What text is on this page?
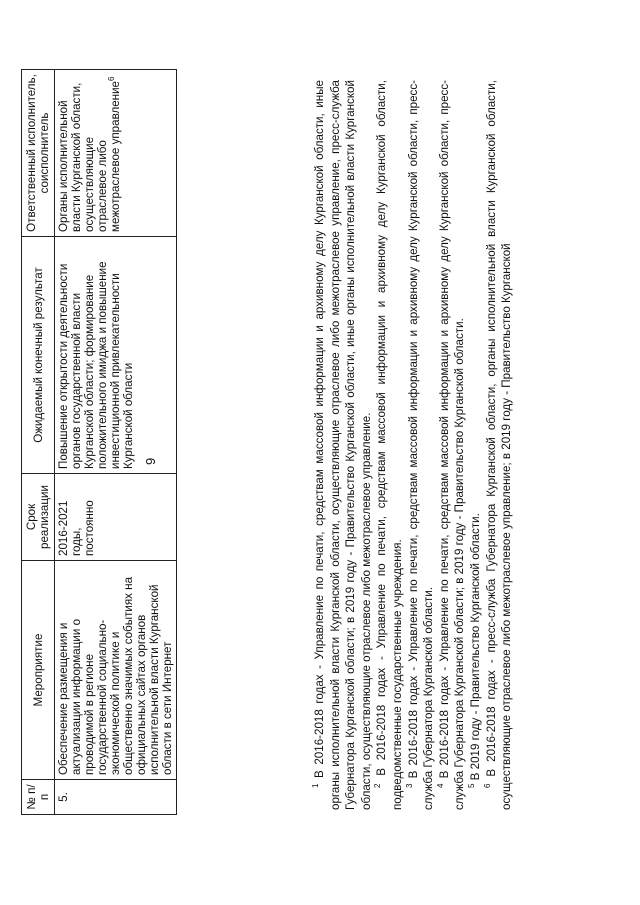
9
№ п/п	Мероприятие	Срок реализации	Ожидаемый конечный результат	Ответственный исполнитель, соисполнитель
5.	Обеспечение размещения и актуализации информации о проводимой в регионе государственной социально-экономической политике и общественно значимых событиях на официальных сайтах органов исполнительной власти Курганской области в сети Интернет	2016-2021 годы, постоянно	Повышение открытости деятельности органов государственной власти Курганской области; формирование положительного имиджа и повышение инвестиционной привлекательности Курганской области	Органы исполнительной власти Курганской области, осуществляющие отраслевое либо межотраслевое управление$^6$

$^1$ В 2016-2018 годах - Управление по печати, средствам массовой информации и архивному делу Курганской области, иные органы исполнительной власти Курганской области, осуществляющие отраслевое либо межотраслевое управление, пресс-служба Губернатора Курганской области; в 2019 году - Правительство Курганской области, иные органы исполнительной власти Курганской области, осуществляющие отраслевое либо межотраслевое управление. $^2$ В 2016-2018 годах - Управление по печати, средствам массовой информации и архивному делу Курганской области, подведомственные государственные учреждения. $^3$ В 2016-2018 годах - Управление по печати, средствам массовой информации и архивному делу Курганской области, пресс-служба Губернатора Курганской области. $^4$ В 2016-2018 годах - Управление по печати, средствам массовой информации и архивному делу Курганской области, пресс-служба Губернатора Курганской области; в 2019 году - Правительство Курганской области. $^5$ В 2019 году - Правительство Курганской области.

$^6$ В 2016-2018 годах - пресс-служба Губернатора Курганской области, органы исполнительной власти Курганской области, осуществляющие отраслевое либо межотраслевое управление; в 2019 году - Правительство Курганской
